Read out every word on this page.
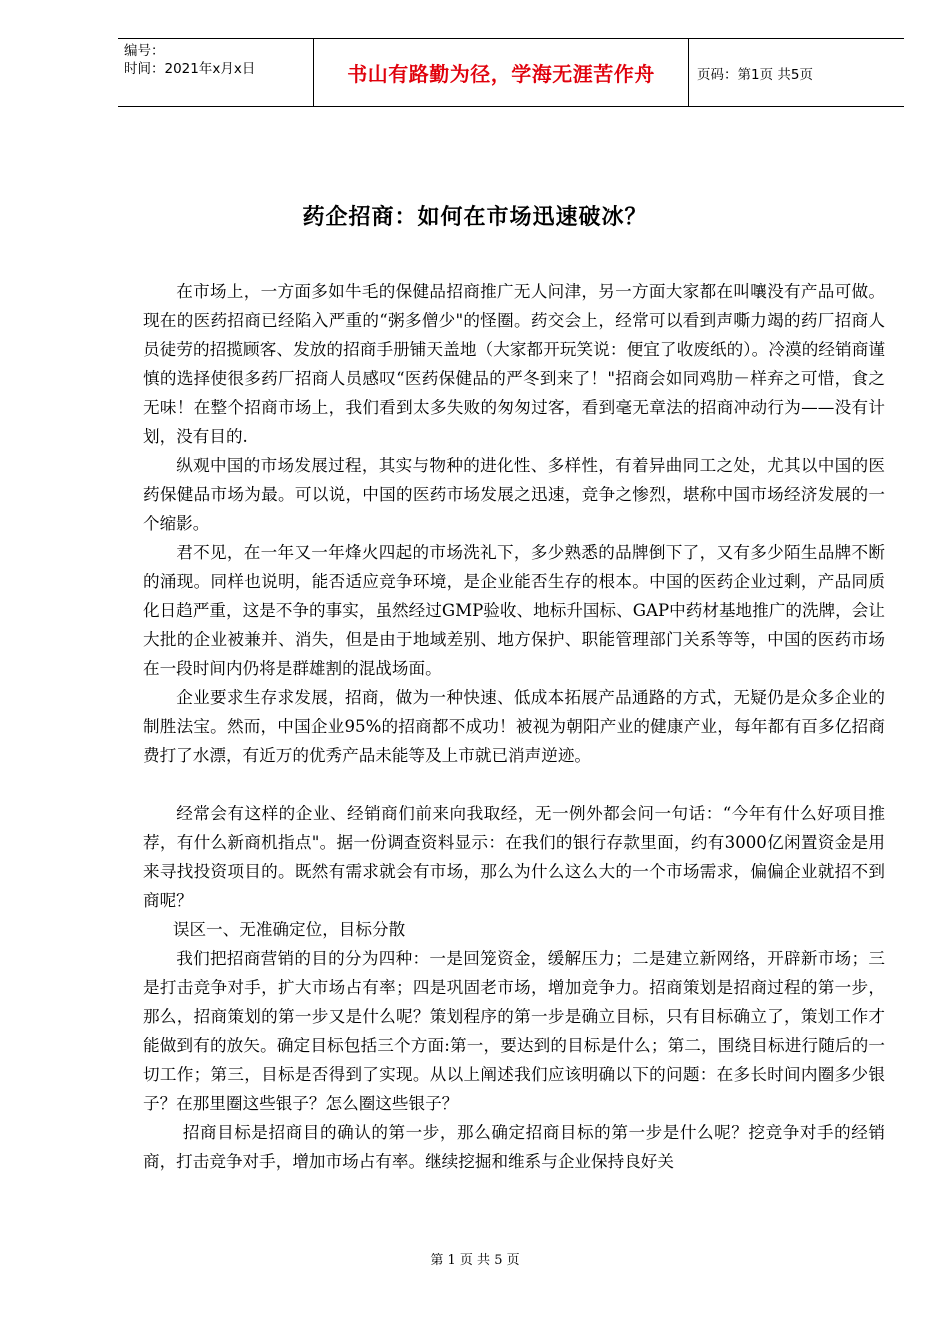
编号：
时间：2021年x月x日	书山有路勤为径，学海无涯苦作舟	页码：第1页 共5页
药企招商：如何在市场迅速破冰？

在市场上，一方面多如牛毛的保健品招商推广无人问津，另一方面大家都在叫嚷没有产品可做。现在的医药招商已经陷入严重的“粥多僧少"的怪圈。药交会上，经常可以看到声嘶力竭的药厂招商人员徒劳的招揽顾客、发放的招商手册铺天盖地（大家都开玩笑说：便宜了收废纸的）。冷漠的经销商谨慎的选择使很多药厂招商人员感叹“医药保健品的严冬到来了！"招商会如同鸡肋－样弃之可惜，食之无味！在整个招商市场上，我们看到太多失败的匆匆过客，看到毫无章法的招商冲动行为——没有计划，没有目的.

纵观中国的市场发展过程，其实与物种的进化性、多样性，有着异曲同工之处，尤其以中国的医药保健品市场为最。可以说，中国的医药市场发展之迅速，竞争之惨烈，堪称中国市场经济发展的一个缩影。

君不见，在一年又一年烽火四起的市场洗礼下，多少熟悉的品牌倒下了，又有多少陌生品牌不断的涌现。同样也说明，能否适应竞争环境，是企业能否生存的根本。中国的医药企业过剩，产品同质化日趋严重，这是不争的事实，虽然经过GMP验收、地标升国标、GAP中药材基地推广的洗牌，会让大批的企业被兼并、消失，但是由于地域差别、地方保护、职能管理部门关系等等，中国的医药市场在一段时间内仍将是群雄割的混战场面。

企业要求生存求发展，招商，做为一种快速、低成本拓展产品通路的方式，无疑仍是众多企业的制胜法宝。然而，中国企业95%的招商都不成功！被视为朝阳产业的健康产业，每年都有百多亿招商费打了水漂，有近万的优秀产品未能等及上市就已消声逆迹。

经常会有这样的企业、经销商们前来向我取经，无一例外都会问一句话：“今年有什么好项目推荐，有什么新商机指点"。据一份调查资料显示：在我们的银行存款里面，约有3000亿闲置资金是用来寻找投资项目的。既然有需求就会有市场，那么为什么这么大的一个市场需求，偏偏企业就招不到商呢？

误区一、无准确定位，目标分散

我们把招商营销的目的分为四种：一是回笼资金，缓解压力；二是建立新网络，开辟新市场；三是打击竞争对手，扩大市场占有率；四是巩固老市场，增加竞争力。招商策划是招商过程的第一步，那么，招商策划的第一步又是什么呢？策划程序的第一步是确立目标，只有目标确立了，策划工作才能做到有的放矢。确定目标包括三个方面:第一，要达到的目标是什么；第二，围绕目标进行随后的一切工作；第三，目标是否得到了实现。从以上阐述我们应该明确以下的问题：在多长时间内圈多少银子？在那里圈这些银子？怎么圈这些银子？

招商目标是招商目的确认的第一步，那么确定招商目标的第一步是什么呢？挖竞争对手的经销商，打击竞争对手，增加市场占有率。继续挖掘和维系与企业保持良好关

第 1 页 共 5 页
